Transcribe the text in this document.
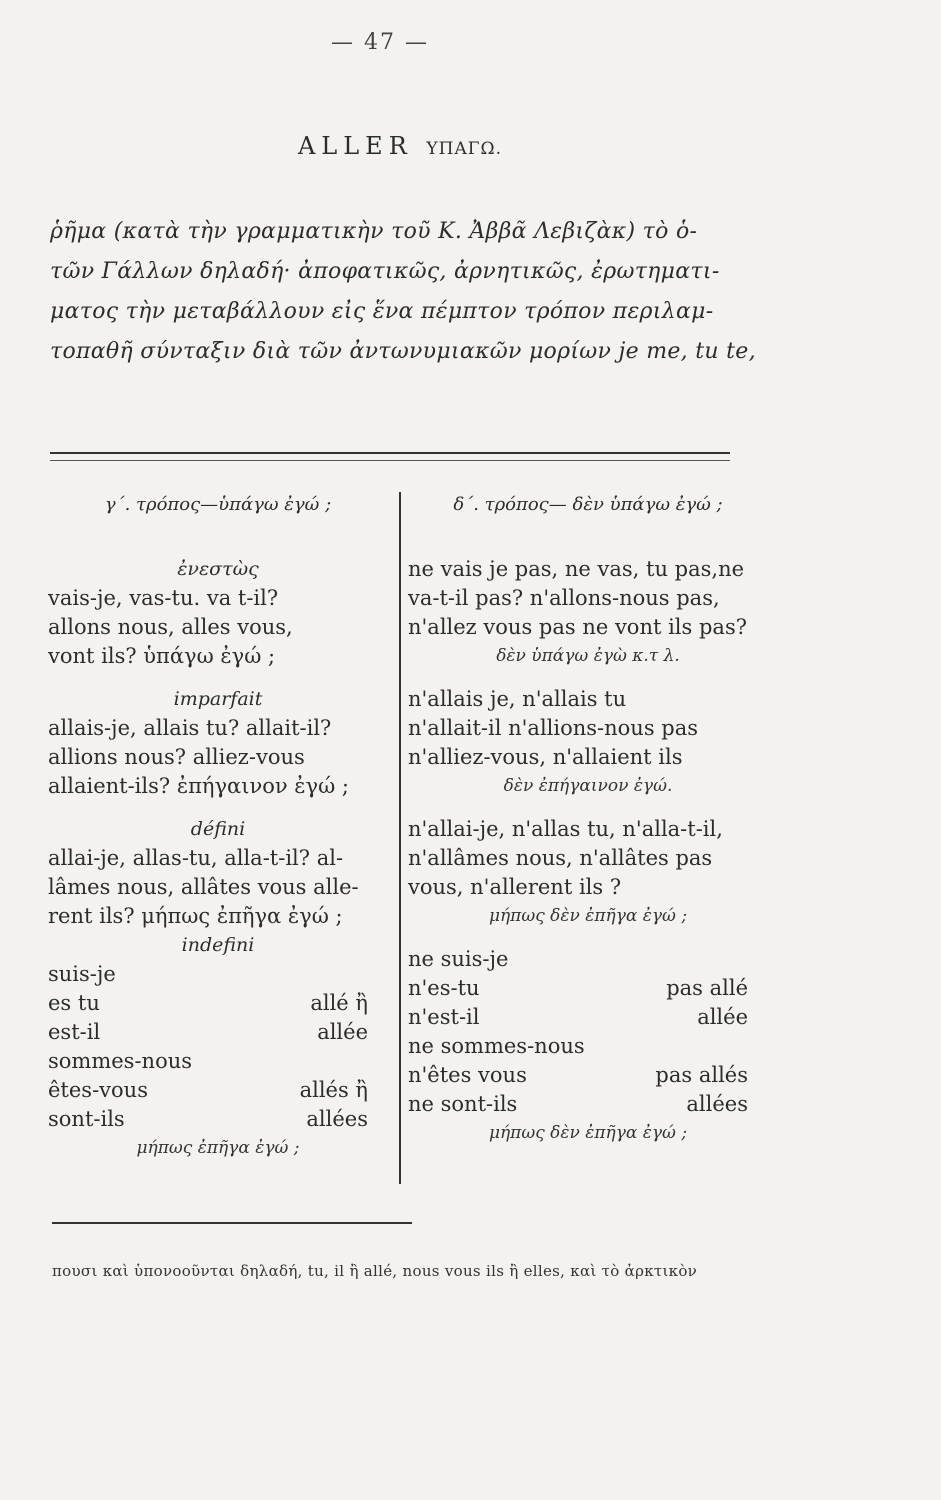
— 47 —
ALLER ΥΠΑΓΩ.
ῥῆμα (κατὰ τὴν γραμματικὴν τοῦ Κ. Ἀββᾶ Λεβιζὰκ) τὸ ὁ-
τῶν Γάλλων δηλαδή· ἀποφατικῶς, ἀρνητικῶς, ἐρωτηματι-
ματος τὴν μεταβάλλουν εἰς ἕνα πέμπτον τρόπον περιλαμ-
τοπαθῆ σύνταξιν διὰ τῶν ἀντωνυμιακῶν μορίων je me, tu te,
γ΄. τρόπος—ὑπάγω ἐγώ ;
ἐνεστὼς
vais-je, vas-tu. va t-il?
allons nous, alles vous,
vont ils? ὑπάγω ἐγώ ;
imparfait
allais-je, allais tu? allait-il?
allions nous? alliez-vous
allaient-ils? ἐπήγαινον ἐγώ ;
défini
allai-je, allas-tu, alla-t-il? al-
lâmes nous, allâtes vous alle-
rent ils? μήπως ἐπῆγα ἐγώ ;
indefini
suis-je
es tu	allé ἢ
est-il	allée
sommes-nous
êtes-vous	allés ἢ
sont-ils	allées
μήπως ἐπῆγα ἐγώ ;
δ΄. τρόπος— δὲν ὑπάγω ἐγώ ;
ne vais je pas, ne vas, tu pas,ne
va-t-il pas? n'allons-nous pas,
n'allez vous pas ne vont ils pas?
δὲν ὑπάγω ἐγὼ κ.τ λ.
n'allais je, n'allais tu
n'allait-il n'allions-nous pas
n'alliez-vous, n'allaient ils
δὲν ἐπήγαινον ἐγώ.
n'allai-je, n'allas tu, n'alla-t-il,
n'allâmes nous, n'allâtes pas
vous, n'allerent ils ?
μήπως δὲν ἐπῆγα ἐγώ ;
ne suis-je
n'es-tu	pas allé
n'est-il	allée
ne sommes-nous
n'êtes vous	pas allés
ne sont-ils	allées
μήπως δὲν ἐπῆγα ἐγώ ;
πουσι καὶ ὑπονοοῦνται δηλαδή, tu, il ἢ allé, nous vous ils ἢ elles, καὶ τὸ ἀρκτικὸν
